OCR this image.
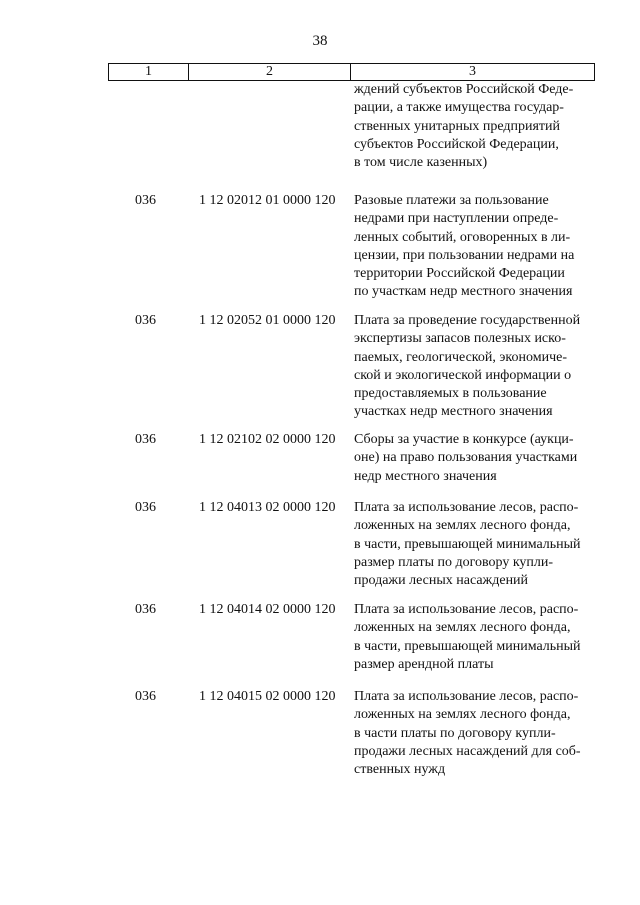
38
1	2	3
ждений субъектов Российской Феде-
рации, а также имущества государ-
ственных унитарных предприятий
субъектов Российской Федерации,
в том числе казенных)
036	1 12 02012 01 0000 120 Разовые платежи за пользование
недрами при наступлении опреде-
ленных событий, оговоренных в ли-
цензии, при пользовании недрами на
территории Российской Федерации
по участкам недр местного значения
036	1 12 02052 01 0000 120 Плата за проведение государственной
экспертизы запасов полезных иско-
паемых, геологической, экономиче-
ской и экологической информации о
предоставляемых в пользование
участках недр местного значения
036	1 12 02102 02 0000 120 Сборы за участие в конкурсе (аукци-
оне) на право пользования участками
недр местного значения
036	1 12 04013 02 0000 120 Плата за использование лесов, распо-
ложенных на землях лесного фонда,
в части, превышающей минимальный
размер платы по договору купли-
продажи лесных насаждений
036	1 12 04014 02 0000 120 Плата за использование лесов, распо-
ложенных на землях лесного фонда,
в части, превышающей минимальный
размер арендной платы
036	1 12 04015 02 0000 120 Плата за использование лесов, распо-
ложенных на землях лесного фонда,
в части платы по договору купли-
продажи лесных насаждений для соб-
ственных нужд
